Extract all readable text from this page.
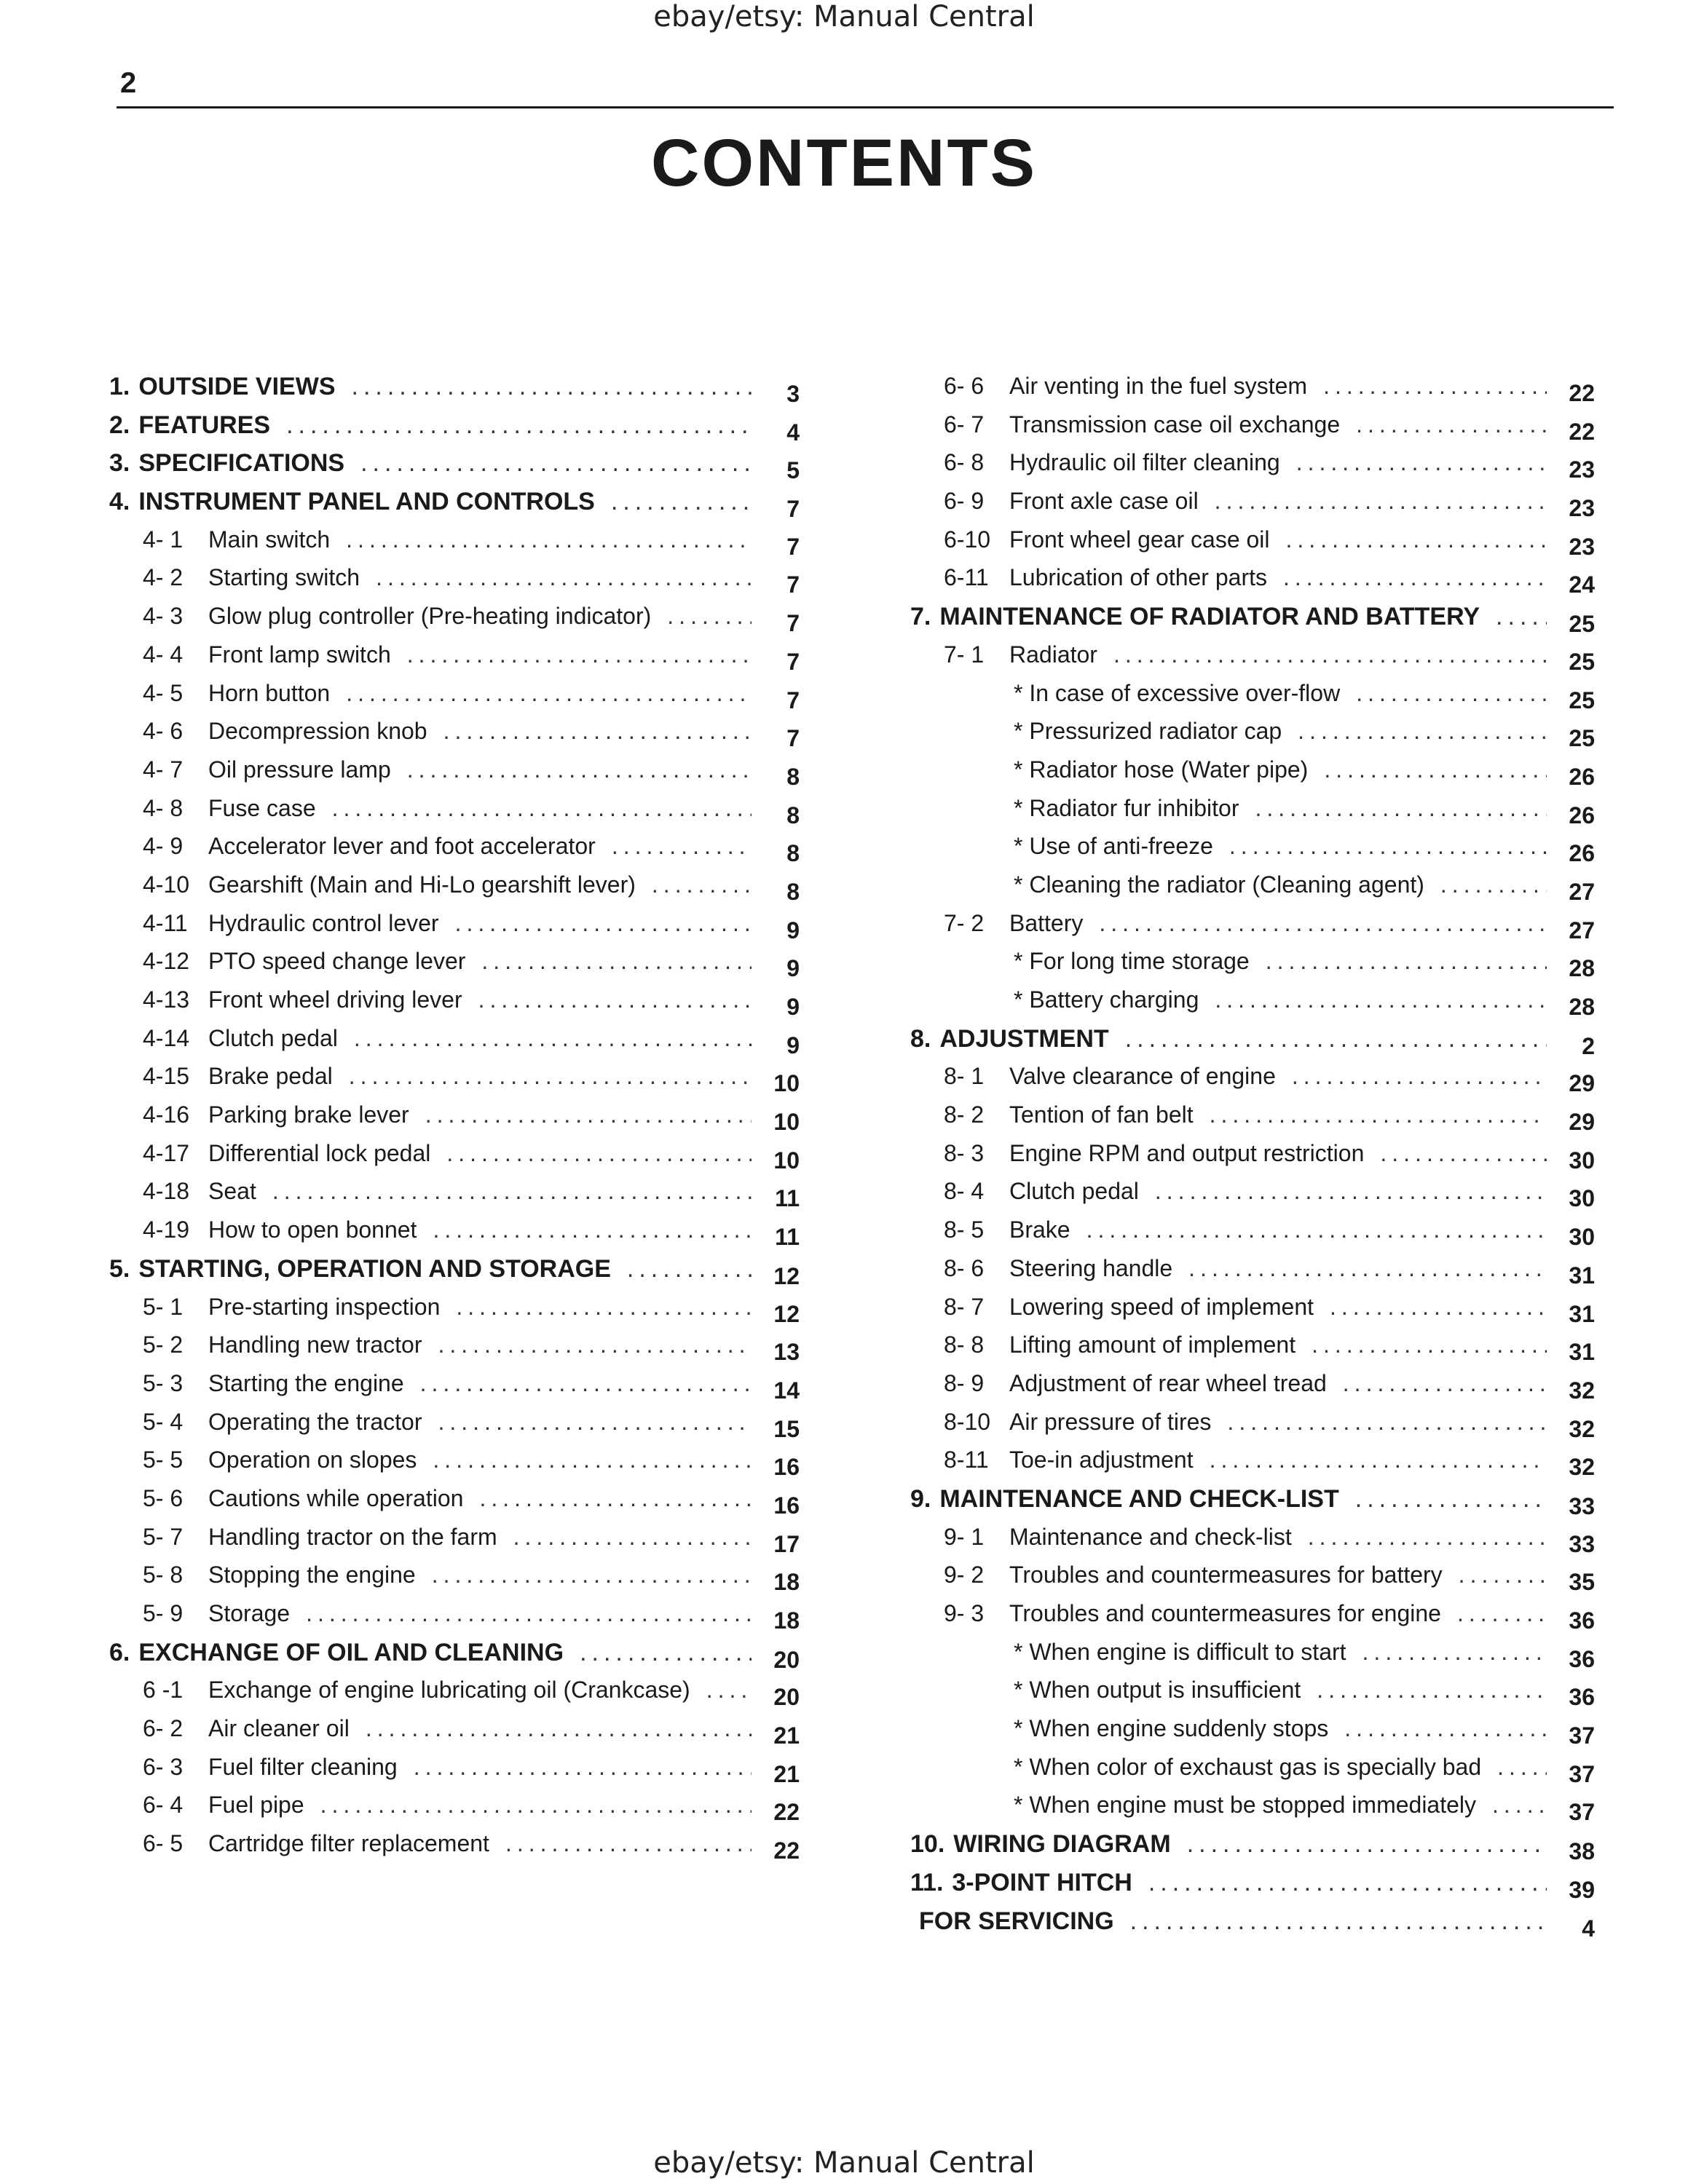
ebay/etsy: Manual Central
2
CONTENTS
1. OUTSIDE VIEWS .....	3
2. FEATURES .....	4
3. SPECIFICATIONS .....	5
4. INSTRUMENT PANEL AND CONTROLS .....	7
4- 1	Main switch .....	7
4- 2	Starting switch .....	7
4- 3	Glow plug controller (Pre-heating indicator) .....	7
4- 4	Front lamp switch .....	7
4- 5	Horn button .....	7
4- 6	Decompression knob .....	7
4- 7	Oil pressure lamp .....	8
4- 8	Fuse case .....	8
4- 9	Accelerator lever and foot accelerator .....	8
4-10 Gearshift (Main and Hi-Lo gearshift lever) .....	8
4-11 Hydraulic control lever .....	9
4-12 PTO speed change lever .....	9
4-13 Front wheel driving lever .....	9
4-14 Clutch pedal .....	9
4-15 Brake pedal .....	10
4-16 Parking brake lever .....	10
4-17 Differential lock pedal .....	10
4-18 Seat .....	11
4-19 How to open bonnet .....	11
5. STARTING, OPERATION AND STORAGE .....	12
5- 1	Pre-starting inspection .....	12
5- 2	Handling new tractor .....	13
5- 3	Starting the engine .....	14
5- 4	Operating the tractor .....	15
5- 5	Operation on slopes .....	16
5- 6	Cautions while operation .....	16
5- 7	Handling tractor on the farm .....	17
5- 8	Stopping the engine .....	18
5- 9	Storage .....	18
6. EXCHANGE OF OIL AND CLEANING .....	20
6 -1	Exchange of engine lubricating oil (Crankcase) .....	20
6- 2	Air cleaner oil .....	21
6- 3	Fuel filter cleaning .....	21
6- 4	Fuel pipe .....	22
6- 5	Cartridge filter replacement .....	22
6- 6	Air venting in the fuel system .....	22
6- 7	Transmission case oil exchange .....	22
6- 8	Hydraulic oil filter cleaning .....	23
6- 9	Front axle case oil .....	23
6-10 Front wheel gear case oil .....	23
6-11 Lubrication of other parts .....	24
7. MAINTENANCE OF RADIATOR AND BATTERY .....	25
7- 1	Radiator .....	25
* In case of excessive over-flow .....	25
* Pressurized radiator cap .....	25
* Radiator hose (Water pipe) .....	26
* Radiator fur inhibitor .....	26
* Use of anti-freeze .....	26
* Cleaning the radiator (Cleaning agent) .....	27
7- 2	Battery .....	27
* For long time storage .....	28
* Battery charging .....	28
8. ADJUSTMENT .....	2
8- 1	Valve clearance of engine .....	29
8- 2	Tention of fan belt .....	29
8- 3	Engine RPM and output restriction .....	30
8- 4	Clutch pedal .....	30
8- 5	Brake .....	30
8- 6	Steering handle .....	31
8- 7	Lowering speed of implement .....	31
8- 8	Lifting amount of implement .....	31
8- 9	Adjustment of rear wheel tread .....	32
8-10 Air pressure of tires .....	32
8-11 Toe-in adjustment .....	32
9. MAINTENANCE AND CHECK-LIST .....	33
9- 1	Maintenance and check-list .....	33
9- 2	Troubles and countermeasures for battery .....	35
9- 3	Troubles and countermeasures for engine .....	36
* When engine is difficult to start .....	36
* When output is insufficient .....	36
* When engine suddenly stops .....	37
* When color of exchaust gas is specially bad .....	37
* When engine must be stopped immediately .....	37
10. WIRING DIAGRAM .....	38
11. 3-POINT HITCH .....	39
FOR SERVICING .....	4
ebay/etsy: Manual Central
